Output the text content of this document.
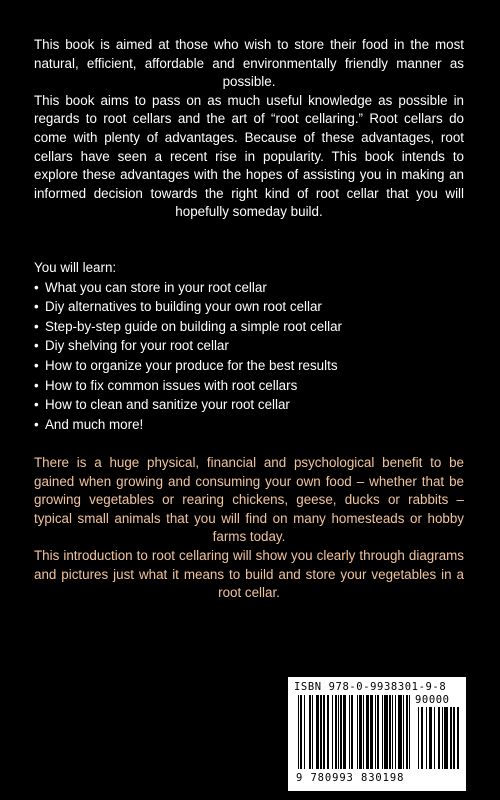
This book is aimed at those who wish to store their food in the most natural, efficient, affordable and environmentally friendly manner as possible.

This book aims to pass on as much useful knowledge as possible in regards to root cellars and the art of “root cellaring.” Root cellars do come with plenty of advantages. Because of these advantages, root cellars have seen a recent rise in popularity. This book intends to explore these advantages with the hopes of assisting you in making an informed decision towards the right kind of root cellar that you will hopefully someday build.

You will learn:

• What you can store in your root cellar
• Diy alternatives to building your own root cellar
• Step-by-step guide on building a simple root cellar
• Diy shelving for your root cellar
• How to organize your produce for the best results
• How to fix common issues with root cellars
• How to clean and sanitize your root cellar
• And much more!

There is a huge physical, financial and psychological benefit to be gained when growing and consuming your own food – whether that be growing vegetables or rearing chickens, geese, ducks or rabbits – typical small animals that you will find on many homesteads or hobby farms today.

This introduction to root cellaring will show you clearly through diagrams and pictures just what it means to build and store your vegetables in a root cellar.

ISBN 978-0-9938301-9-8
90000
9 780993 830198
